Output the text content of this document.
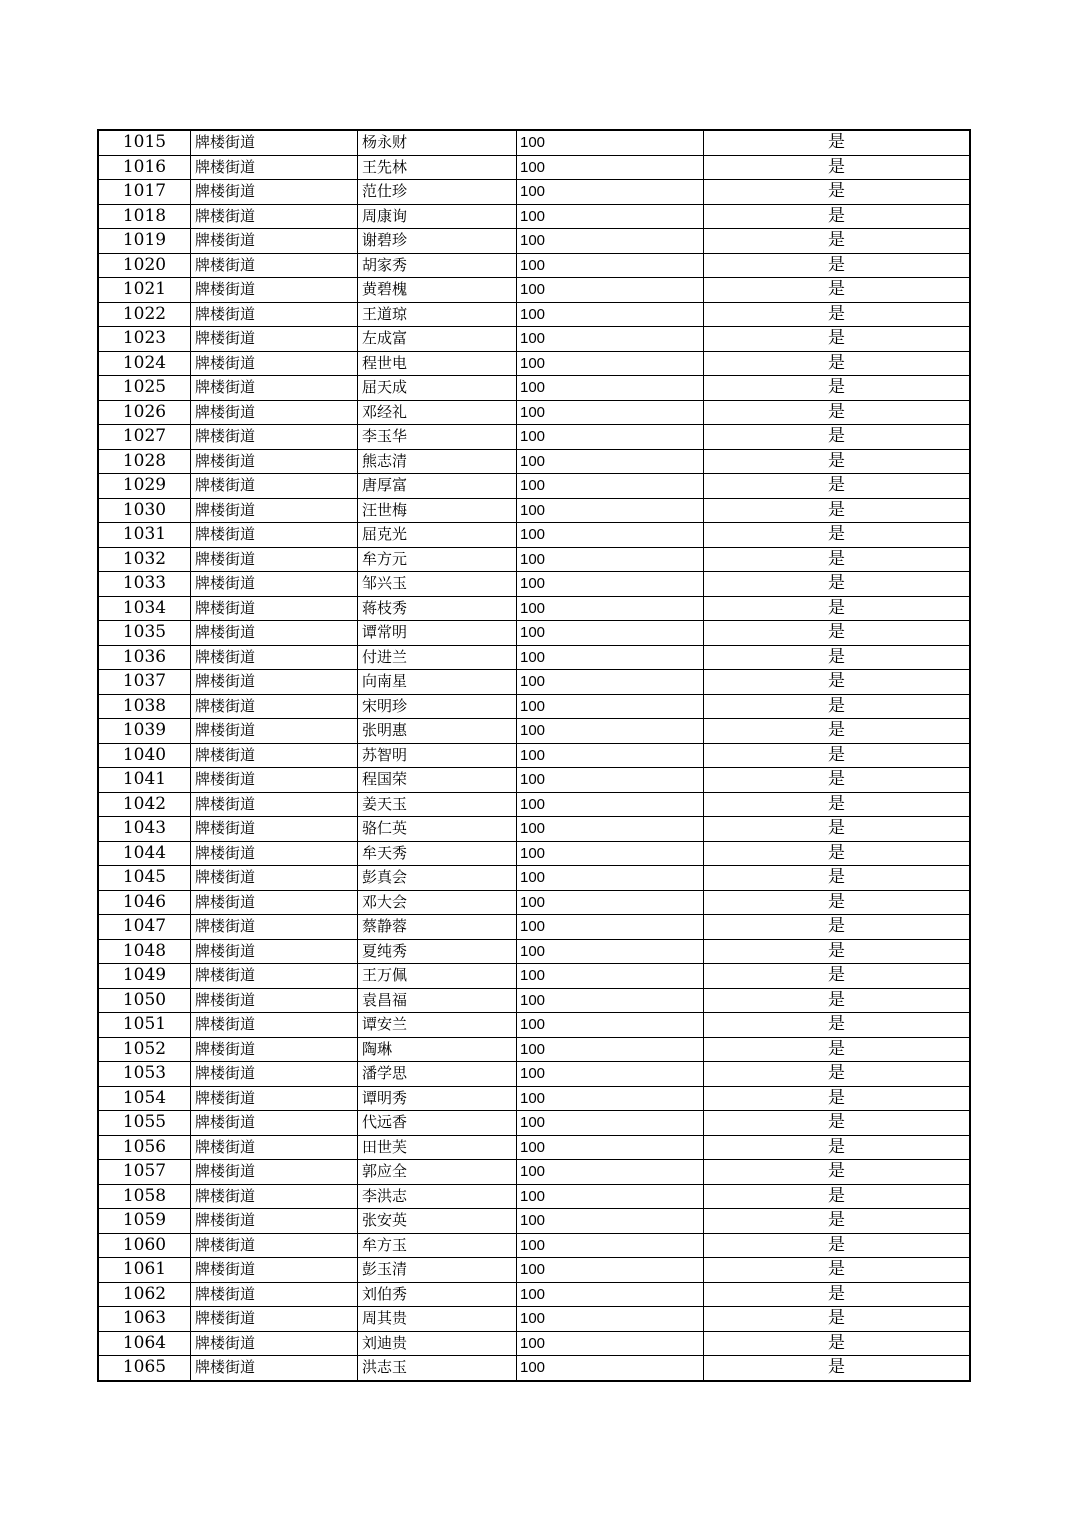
1015	牌楼街道	杨永财	100	是
1016	牌楼街道	王先林	100	是
1017	牌楼街道	范仕珍	100	是
1018	牌楼街道	周康询	100	是
1019	牌楼街道	谢碧珍	100	是
1020	牌楼街道	胡家秀	100	是
1021	牌楼街道	黄碧槐	100	是
1022	牌楼街道	王道琼	100	是
1023	牌楼街道	左成富	100	是
1024	牌楼街道	程世电	100	是
1025	牌楼街道	屈天成	100	是
1026	牌楼街道	邓经礼	100	是
1027	牌楼街道	李玉华	100	是
1028	牌楼街道	熊志清	100	是
1029	牌楼街道	唐厚富	100	是
1030	牌楼街道	汪世梅	100	是
1031	牌楼街道	屈克光	100	是
1032	牌楼街道	牟方元	100	是
1033	牌楼街道	邹兴玉	100	是
1034	牌楼街道	蒋枝秀	100	是
1035	牌楼街道	谭常明	100	是
1036	牌楼街道	付进兰	100	是
1037	牌楼街道	向南星	100	是
1038	牌楼街道	宋明珍	100	是
1039	牌楼街道	张明惠	100	是
1040	牌楼街道	苏智明	100	是
1041	牌楼街道	程国荣	100	是
1042	牌楼街道	姜天玉	100	是
1043	牌楼街道	骆仁英	100	是
1044	牌楼街道	牟天秀	100	是
1045	牌楼街道	彭真会	100	是
1046	牌楼街道	邓大会	100	是
1047	牌楼街道	蔡静蓉	100	是
1048	牌楼街道	夏纯秀	100	是
1049	牌楼街道	王万佩	100	是
1050	牌楼街道	袁昌福	100	是
1051	牌楼街道	谭安兰	100	是
1052	牌楼街道	陶琳	100	是
1053	牌楼街道	潘学思	100	是
1054	牌楼街道	谭明秀	100	是
1055	牌楼街道	代远香	100	是
1056	牌楼街道	田世芙	100	是
1057	牌楼街道	郭应全	100	是
1058	牌楼街道	李洪志	100	是
1059	牌楼街道	张安英	100	是
1060	牌楼街道	牟方玉	100	是
1061	牌楼街道	彭玉清	100	是
1062	牌楼街道	刘伯秀	100	是
1063	牌楼街道	周其贵	100	是
1064	牌楼街道	刘迪贵	100	是
1065	牌楼街道	洪志玉	100	是
